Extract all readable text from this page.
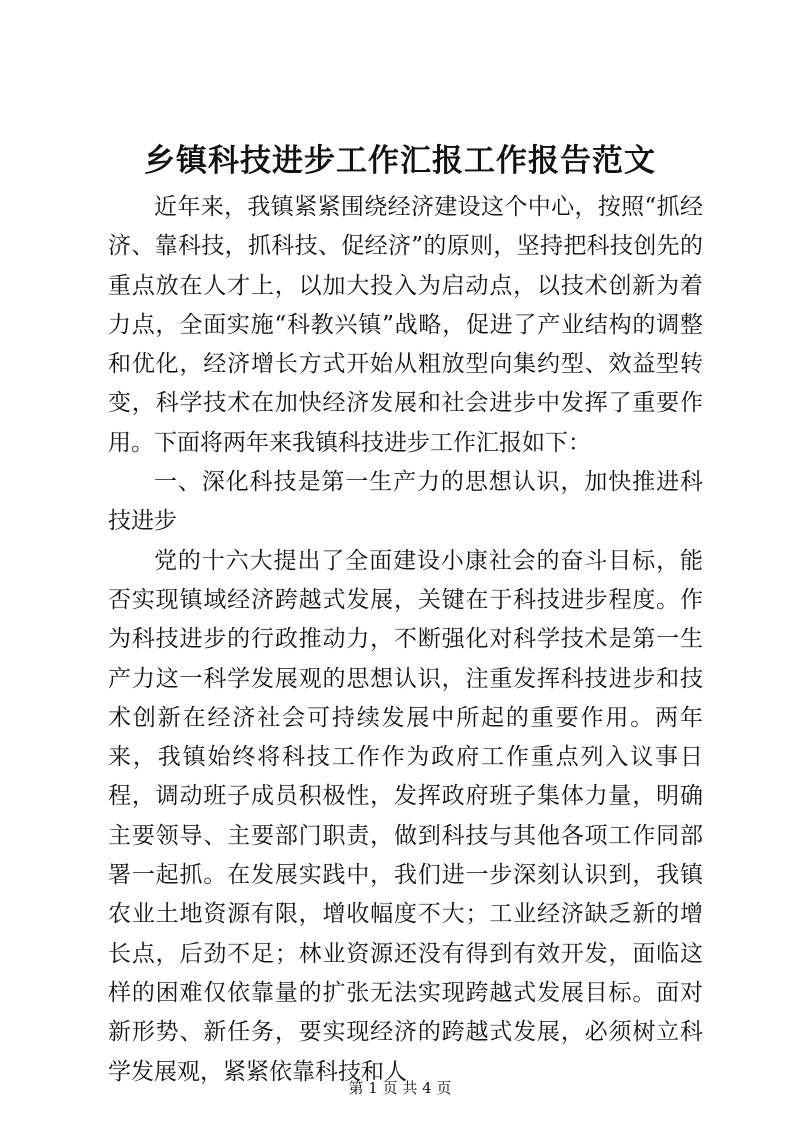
乡镇科技进步工作汇报工作报告范文

近年来，我镇紧紧围绕经济建设这个中心，按照“抓经济、靠科技，抓科技、促经济”的原则，坚持把科技创先的重点放在人才上，以加大投入为启动点，以技术创新为着力点，全面实施“科教兴镇”战略，促进了产业结构的调整和优化，经济增长方式开始从粗放型向集约型、效益型转变，科学技术在加快经济发展和社会进步中发挥了重要作用。下面将两年来我镇科技进步工作汇报如下：

一、深化科技是第一生产力的思想认识，加快推进科技进步

党的十六大提出了全面建设小康社会的奋斗目标，能否实现镇域经济跨越式发展，关键在于科技进步程度。作为科技进步的行政推动力，不断强化对科学技术是第一生产力这一科学发展观的思想认识，注重发挥科技进步和技术创新在经济社会可持续发展中所起的重要作用。两年来，我镇始终将科技工作作为政府工作重点列入议事日程，调动班子成员积极性，发挥政府班子集体力量，明确主要领导、主要部门职责，做到科技与其他各项工作同部署一起抓。在发展实践中，我们进一步深刻认识到，我镇农业土地资源有限，增收幅度不大；工业经济缺乏新的增长点，后劲不足；林业资源还没有得到有效开发，面临这样的困难仅依靠量的扩张无法实现跨越式发展目标。面对新形势、新任务，要实现经济的跨越式发展，必须树立科学发展观，紧紧依靠科技和人

第 1 页 共 4 页
